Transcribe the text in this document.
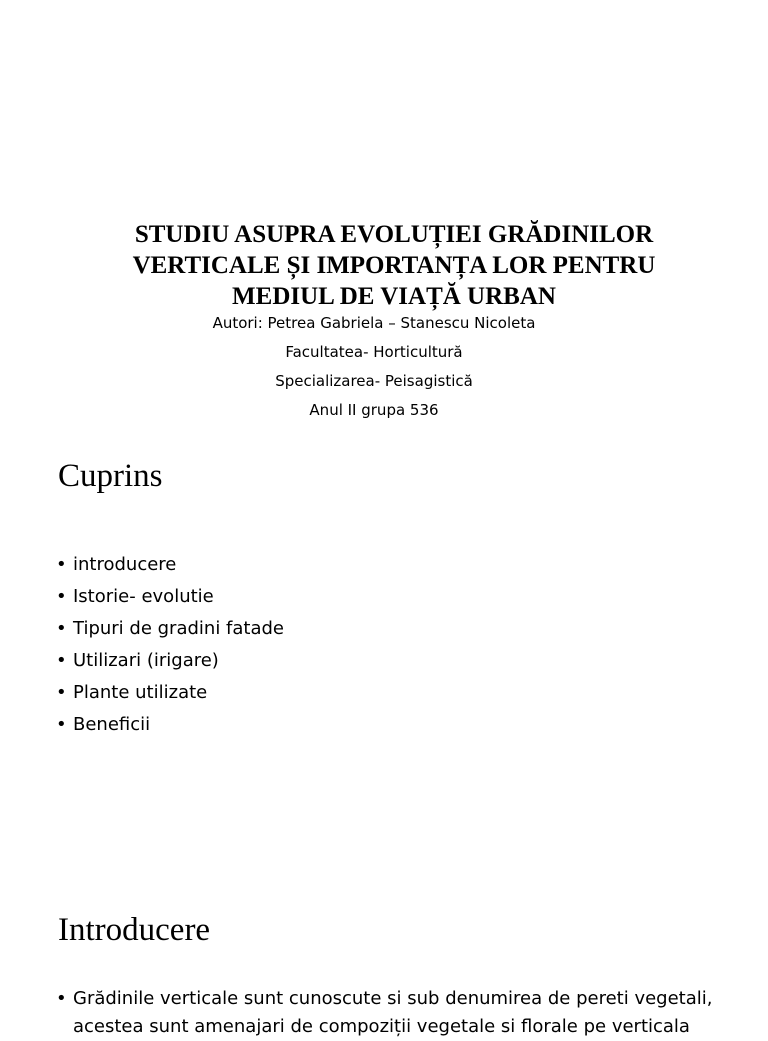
STUDIU ASUPRA EVOLUȚIEI GRĂDINILOR
VERTICALE ȘI IMPORTANȚA LOR PENTRU
MEDIUL DE VIAȚĂ URBAN
Autori: Petrea Gabriela – Stanescu Nicoleta
Facultatea- Horticultură
Specializarea- Peisagistică
Anul II grupa 536
Cuprins
• introducere
• Istorie- evolutie
• Tipuri de gradini fatade
• Utilizari (irigare)
• Plante utilizate
• Beneficii
Introducere
• Grădinile verticale sunt cunoscute si sub denumirea de pereti vegetali, acestea sunt amenajari de compoziții vegetale si florale pe verticala
